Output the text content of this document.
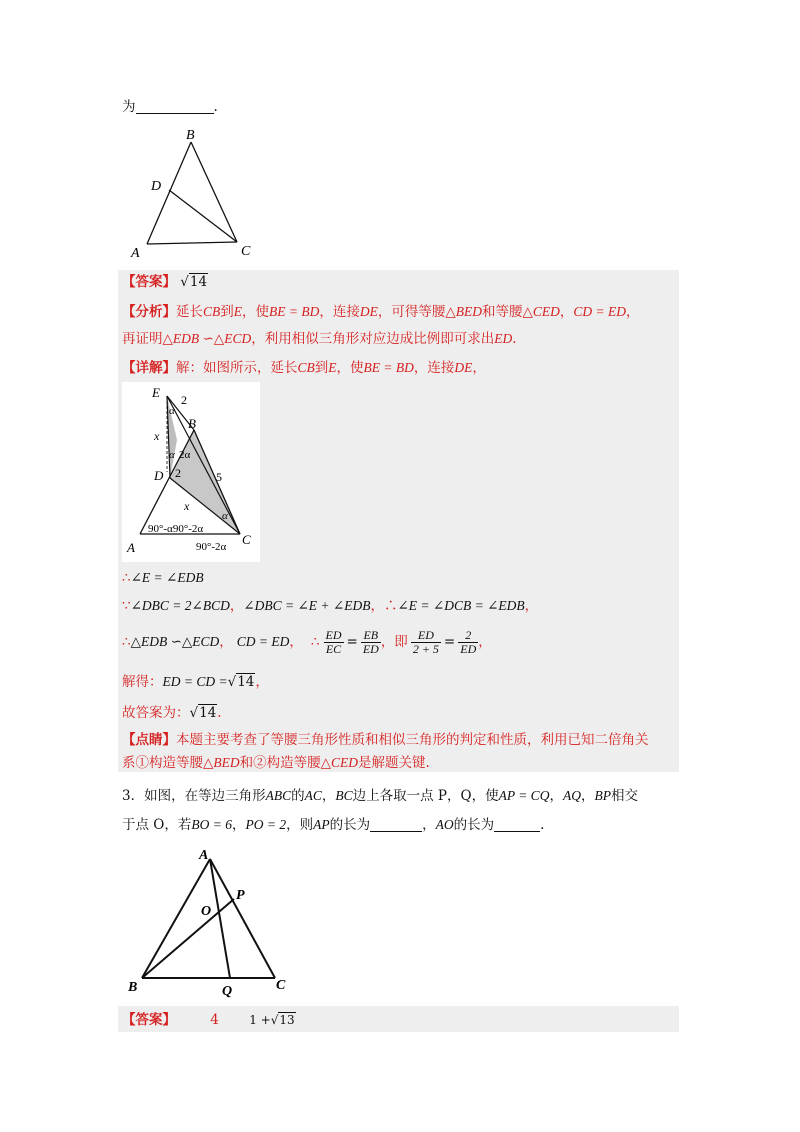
为	.
B
D
A	C
【答案】 √14
【分析】延长CB到E，使BE = BD，连接DE，可得等腰△BED和等腰△CED，CD = ED，
再证明△EDB ∽△ECD，利用相似三角形对应边成比例即可求出ED.
【详解】解：如图所示，延长CB到E，使BE = BD，连接DE，
E 2
α
B
x
α 2α
D 2	5
x
α
90°-α90°-2α
90°-2α
A
C
∴∠E = ∠EDB
∵∠DBC = 2∠BCD，∠DBC = ∠E + ∠EDB，∴∠E = ∠DCB = ∠EDB，
∴ △EDB ∽△ECD ， CD = ED ， ∴ $\frac{ED}{EC} = \frac{EB}{ED}$ ，即 $\frac{ED}{2 + 5} = \frac{2}{ED}$ ，
解得：ED = CD =√14，
故答案为：√14.
【点睛】本题主要考查了等腰三角形性质和相似三角形的判定和性质，利用已知二倍角关
系①构造等腰△BED和②构造等腰△CED是解题关键.
3．如图，在等边三角形ABC的AC，BC边上各取一点 P，Q，使AP = CQ，AQ，BP相交
于点 O，若BO = 6，PO = 2，则AP的长为	，AO的长为	.
A
P
O
B	Q	C
【答案】	4	1 +√13
